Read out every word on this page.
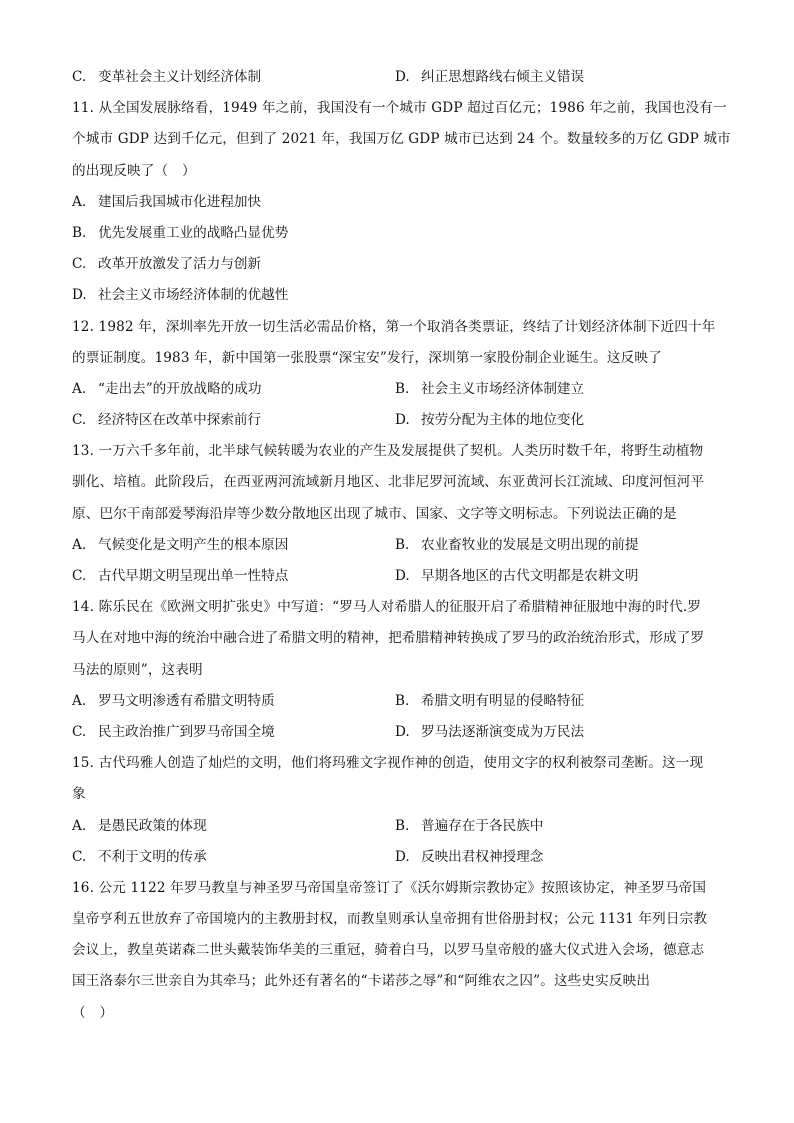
C. 变革社会主义计划经济体制	D. 纠正思想路线右倾主义错误
11. 从全国发展脉络看，1949 年之前，我国没有一个城市 GDP 超过百亿元；1986 年之前，我国也没有一
个城市 GDP 达到千亿元，但到了 2021 年，我国万亿 GDP 城市已达到 24 个。数量较多的万亿 GDP 城市
的出现反映了（　）
A. 建国后我国城市化进程加快
B. 优先发展重工业的战略凸显优势
C. 改革开放激发了活力与创新
D. 社会主义市场经济体制的优越性
12. 1982 年，深圳率先开放一切生活必需品价格，第一个取消各类票证，终结了计划经济体制下近四十年
的票证制度。1983 年，新中国第一张股票“深宝安”发行，深圳第一家股份制企业诞生。这反映了
A. “走出去”的开放战略的成功	B. 社会主义市场经济体制建立
C. 经济特区在改革中探索前行	D. 按劳分配为主体的地位变化
13. 一万六千多年前，北半球气候转暖为农业的产生及发展提供了契机。人类历时数千年，将野生动植物
驯化、培植。此阶段后，在西亚两河流域新月地区、北非尼罗河流域、东亚黄河长江流域、印度河恒河平
原、巴尔干南部爱琴海沿岸等少数分散地区出现了城市、国家、文字等文明标志。下列说法正确的是
A. 气候变化是文明产生的根本原因	B. 农业畜牧业的发展是文明出现的前提
C. 古代早期文明呈现出单一性特点	D. 早期各地区的古代文明都是农耕文明
14. 陈乐民在《欧洲文明扩张史》中写道：“罗马人对希腊人的征服开启了希腊精神征服地中海的时代.罗
马人在对地中海的统治中融合进了希腊文明的精神，把希腊精神转换成了罗马的政治统治形式，形成了罗
马法的原则”，这表明
A. 罗马文明渗透有希腊文明特质	B. 希腊文明有明显的侵略特征
C. 民主政治推广到罗马帝国全境	D. 罗马法逐渐演变成为万民法
15. 古代玛雅人创造了灿烂的文明，他们将玛雅文字视作神的创造，使用文字的权利被祭司垄断。这一现
象
A. 是愚民政策的体现	B. 普遍存在于各民族中
C. 不利于文明的传承	D. 反映出君权神授理念
16. 公元 1122 年罗马教皇与神圣罗马帝国皇帝签订了《沃尔姆斯宗教协定》按照该协定，神圣罗马帝国
皇帝亨利五世放弃了帝国境内的主教册封权，而教皇则承认皇帝拥有世俗册封权；公元 1131 年列日宗教
会议上，教皇英诺森二世头戴装饰华美的三重冠，骑着白马，以罗马皇帝般的盛大仪式进入会场，德意志
国王洛泰尔三世亲自为其牵马；此外还有著名的“卡诺莎之辱”和“阿维农之囚”。这些史实反映出
（　）
